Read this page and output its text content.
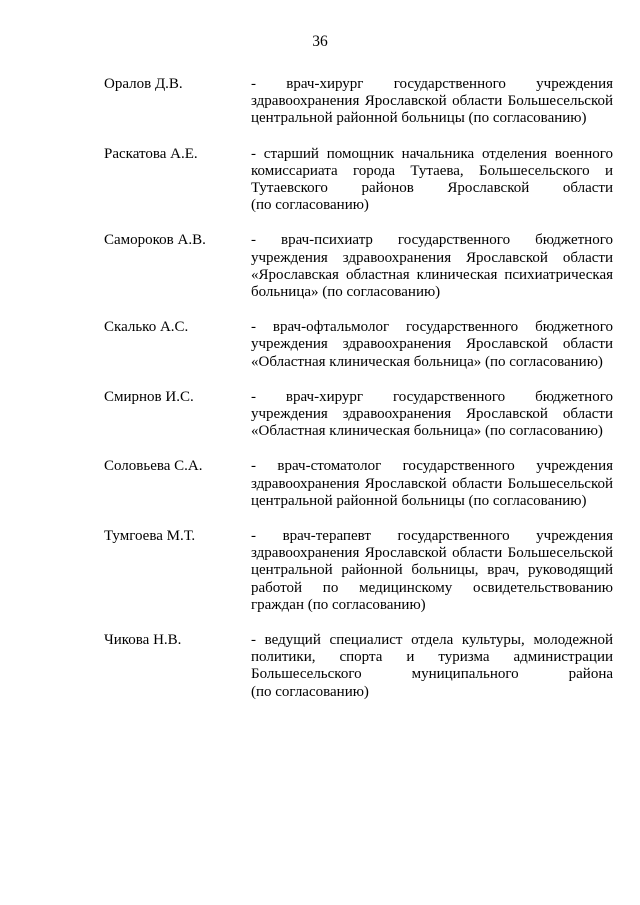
36
Оралов Д.В.	- врач-хирург государственного учреждения
здравоохранения Ярославской области Большесельской
центральной районной больницы (по согласованию)
Раскатова А.Е.	- старший помощник начальника отделения военного
комиссариата города Тутаева, Большесельского и
Тутаевского районов Ярославской области
(по согласованию)
Самороков А.В.	- врач-психиатр государственного бюджетного
учреждения здравоохранения Ярославской области
«Ярославская областная клиническая психиатрическая
больница» (по согласованию)
Скалько А.С.	- врач-офтальмолог государственного бюджетного
учреждения здравоохранения Ярославской области
«Областная клиническая больница» (по согласованию)
Смирнов И.С.	- врач-хирург государственного бюджетного
учреждения здравоохранения Ярославской области
«Областная клиническая больница» (по согласованию)
Соловьева С.А.	- врач-стоматолог государственного учреждения
здравоохранения Ярославской области Большесельской
центральной районной больницы (по согласованию)
Тумгоева М.Т.	- врач-терапевт государственного учреждения
здравоохранения Ярославской области Большесельской
центральной районной больницы, врач, руководящий
работой по медицинскому освидетельствованию
граждан (по согласованию)
Чикова Н.В.	- ведущий специалист отдела культуры, молодежной
политики, спорта и туризма администрации
Большесельского муниципального района
(по согласованию)
